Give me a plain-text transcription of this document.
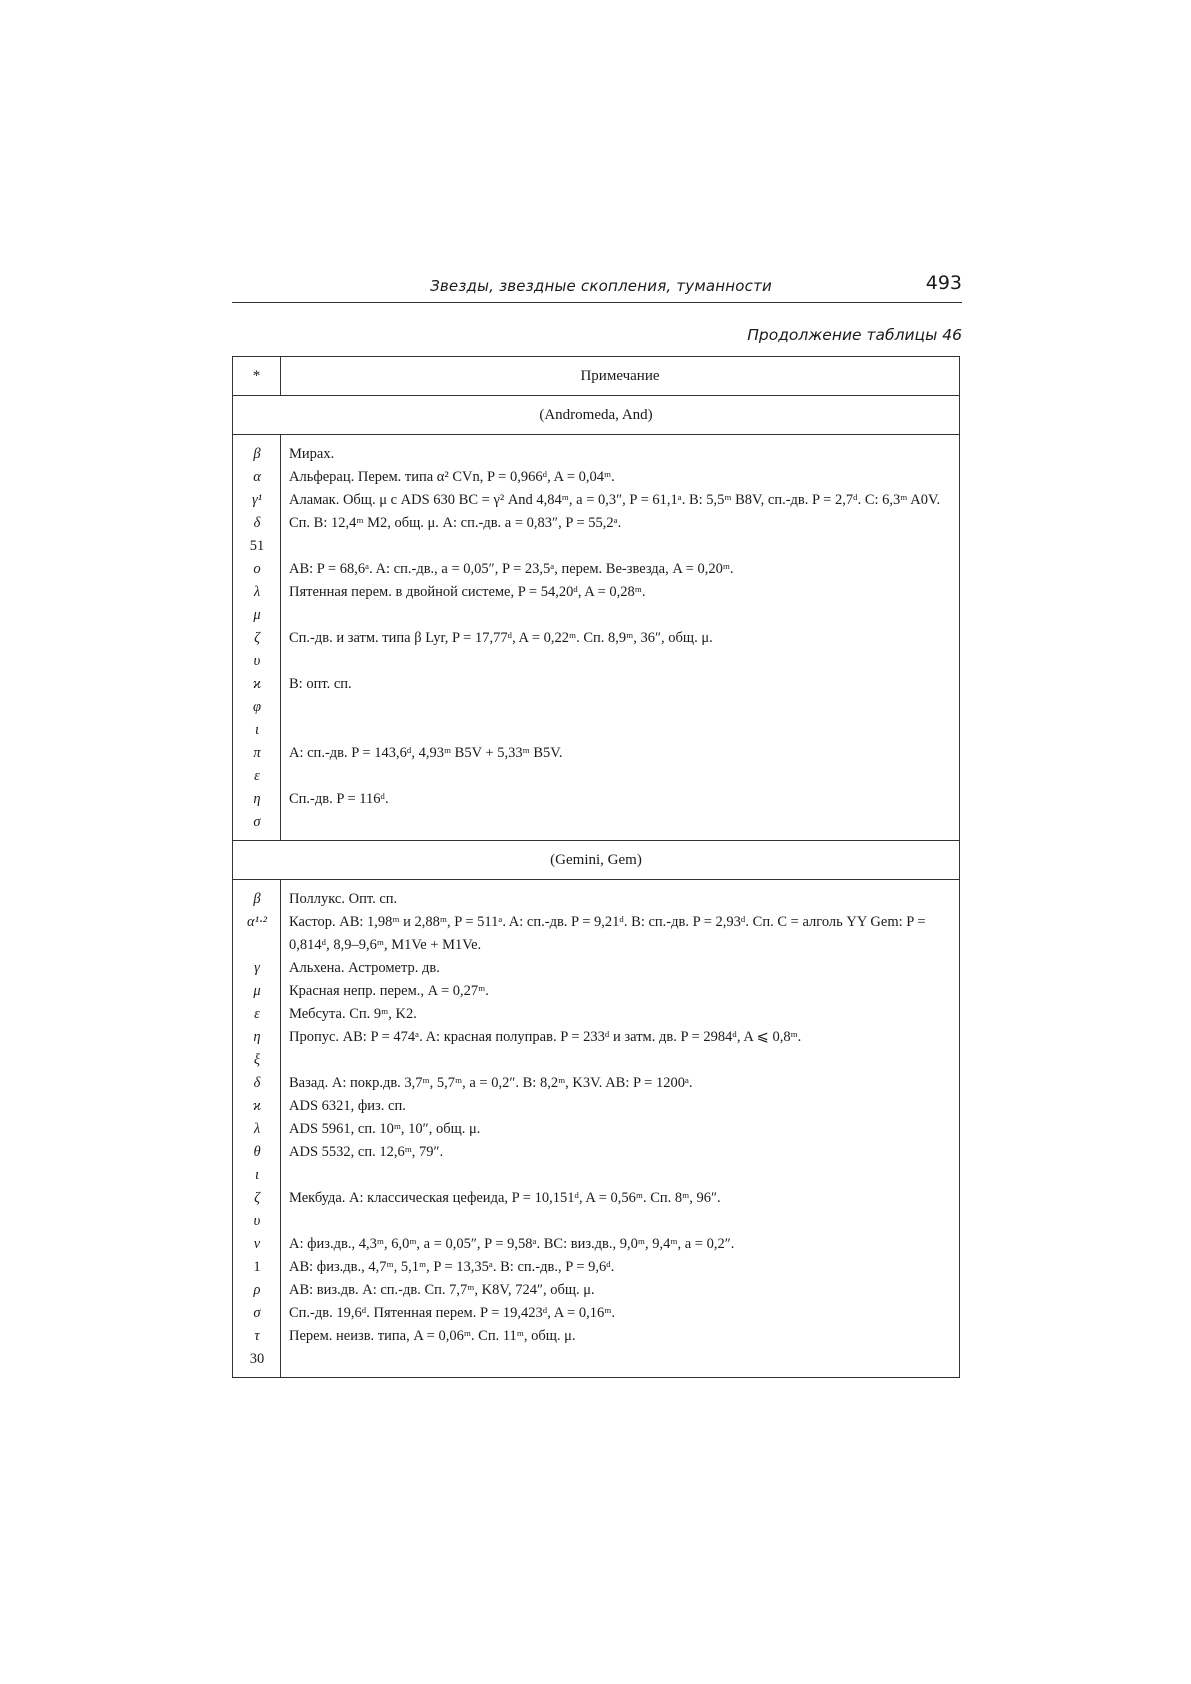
Звезды, звездные скопления, туманности	493
Продолжение таблицы 46
*	Примечание
(Andromeda, And)
β	Мирах.
α	Альферац. Перем. типа α² CVn, P = 0,966ᵈ, A = 0,04ᵐ.
γ¹	Аламак. Общ. μ с ADS 630 BC = γ² And 4,84ᵐ, a = 0,3″, P = 61,1ᵃ. B: 5,5ᵐ B8V, сп.-дв. P = 2,7ᵈ. C: 6,3ᵐ A0V.
δ	Сп. B: 12,4ᵐ M2, общ. μ. A: сп.-дв. a = 0,83″, P = 55,2ᵃ.
51
o	AB: P = 68,6ᵃ. A: сп.-дв., a = 0,05″, P = 23,5ᵃ, перем. Be-звезда, A = 0,20ᵐ.
λ	Пятенная перем. в двойной системе, P = 54,20ᵈ, A = 0,28ᵐ.
μ
ζ	Сп.-дв. и затм. типа β Lyr, P = 17,77ᵈ, A = 0,22ᵐ. Сп. 8,9ᵐ, 36″, общ. μ.
υ
ϰ	B: опт. сп.
φ
ι
π	A: сп.-дв. P = 143,6ᵈ, 4,93ᵐ B5V + 5,33ᵐ B5V.
ε
η	Сп.-дв. P = 116ᵈ.
σ
(Gemini, Gem)
β	Поллукс. Опт. сп.
α¹·²	Кастор. AB: 1,98ᵐ и 2,88ᵐ, P = 511ᵃ. A: сп.-дв. P = 9,21ᵈ. B: сп.-дв. P = 2,93ᵈ. Сп. C = алголь YY Gem: P = 0,814ᵈ, 8,9–9,6ᵐ, M1Ve + M1Ve.
γ	Альхена. Астрометр. дв.
μ	Красная непр. перем., A = 0,27ᵐ.
ε	Мебсута. Сп. 9ᵐ, K2.
η	Пропус. AB: P = 474ᵃ. A: красная полуправ. P = 233ᵈ и затм. дв. P = 2984ᵈ, A ⩽ 0,8ᵐ.
ξ
δ	Вазад. A: покр.дв. 3,7ᵐ, 5,7ᵐ, a = 0,2″. B: 8,2ᵐ, K3V. AB: P = 1200ᵃ.
ϰ	ADS 6321, физ. сп.
λ	ADS 5961, сп. 10ᵐ, 10″, общ. μ.
θ	ADS 5532, сп. 12,6ᵐ, 79″.
ι
ζ	Мекбуда. A: классическая цефеида, P = 10,151ᵈ, A = 0,56ᵐ. Сп. 8ᵐ, 96″.
υ
ν	A: физ.дв., 4,3ᵐ, 6,0ᵐ, a = 0,05″, P = 9,58ᵃ. BC: виз.дв., 9,0ᵐ, 9,4ᵐ, a = 0,2″.
1	AB: физ.дв., 4,7ᵐ, 5,1ᵐ, P = 13,35ᵃ. B: сп.-дв., P = 9,6ᵈ.
ρ	AB: виз.дв. A: сп.-дв. Сп. 7,7ᵐ, K8V, 724″, общ. μ.
σ	Сп.-дв. 19,6ᵈ. Пятенная перем. P = 19,423ᵈ, A = 0,16ᵐ.
τ	Перем. неизв. типа, A = 0,06ᵐ. Сп. 11ᵐ, общ. μ.
30
